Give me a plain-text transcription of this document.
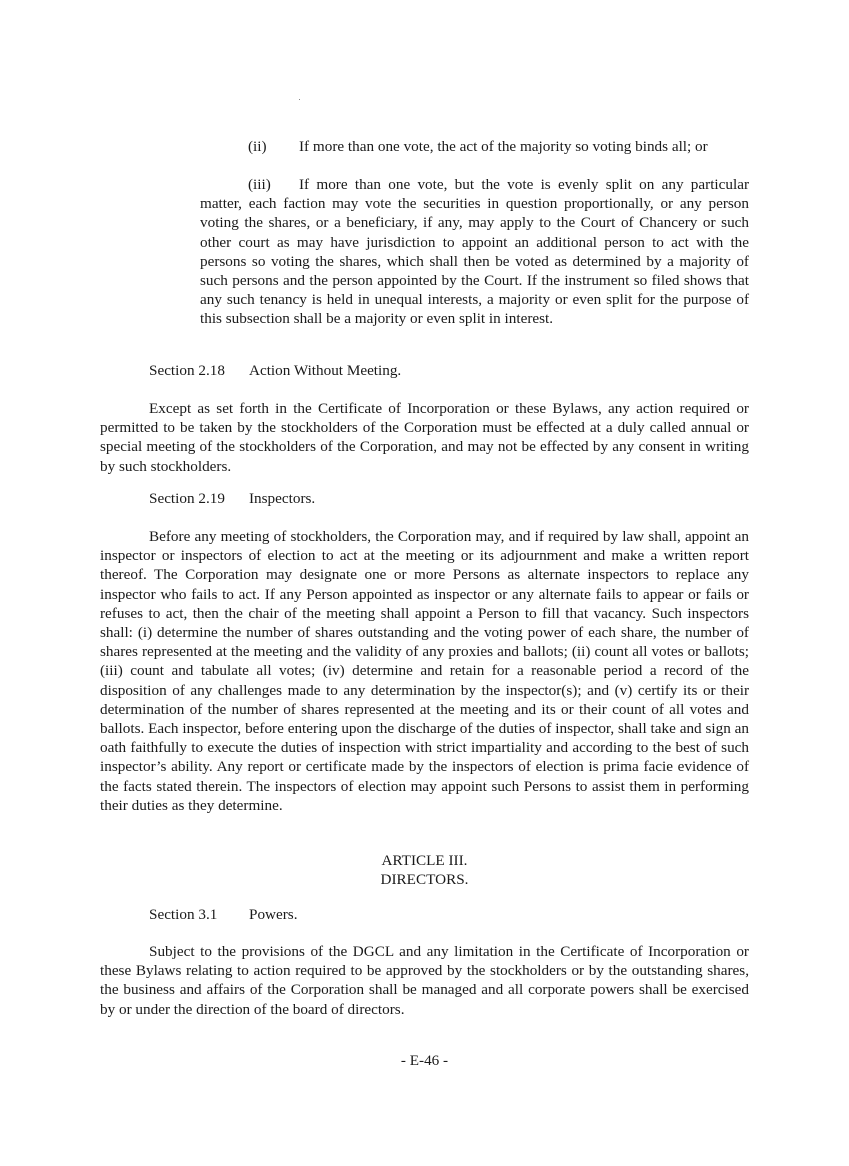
(ii) If more than one vote, the act of the majority so voting binds all; or
(iii) If more than one vote, but the vote is evenly split on any particular matter, each faction may vote the securities in question proportionally, or any person voting the shares, or a beneficiary, if any, may apply to the Court of Chancery or such other court as may have jurisdiction to appoint an additional person to act with the persons so voting the shares, which shall then be voted as determined by a majority of such persons and the person appointed by the Court. If the instrument so filed shows that any such tenancy is held in unequal interests, a majority or even split for the purpose of this subsection shall be a majority or even split in interest.
Section 2.18 Action Without Meeting.
Except as set forth in the Certificate of Incorporation or these Bylaws, any action required or permitted to be taken by the stockholders of the Corporation must be effected at a duly called annual or special meeting of the stockholders of the Corporation, and may not be effected by any consent in writing by such stockholders.
Section 2.19 Inspectors.
Before any meeting of stockholders, the Corporation may, and if required by law shall, appoint an inspector or inspectors of election to act at the meeting or its adjournment and make a written report thereof. The Corporation may designate one or more Persons as alternate inspectors to replace any inspector who fails to act. If any Person appointed as inspector or any alternate fails to appear or fails or refuses to act, then the chair of the meeting shall appoint a Person to fill that vacancy. Such inspectors shall: (i) determine the number of shares outstanding and the voting power of each share, the number of shares represented at the meeting and the validity of any proxies and ballots; (ii) count all votes or ballots; (iii) count and tabulate all votes; (iv) determine and retain for a reasonable period a record of the disposition of any challenges made to any determination by the inspector(s); and (v) certify its or their determination of the number of shares represented at the meeting and its or their count of all votes and ballots. Each inspector, before entering upon the discharge of the duties of inspector, shall take and sign an oath faithfully to execute the duties of inspection with strict impartiality and according to the best of such inspector’s ability. Any report or certificate made by the inspectors of election is prima facie evidence of the facts stated therein. The inspectors of election may appoint such Persons to assist them in performing their duties as they determine.
ARTICLE III.
DIRECTORS.
Section 3.1 Powers.
Subject to the provisions of the DGCL and any limitation in the Certificate of Incorporation or these Bylaws relating to action required to be approved by the stockholders or by the outstanding shares, the business and affairs of the Corporation shall be managed and all corporate powers shall be exercised by or under the direction of the board of directors.
- E-46 -
